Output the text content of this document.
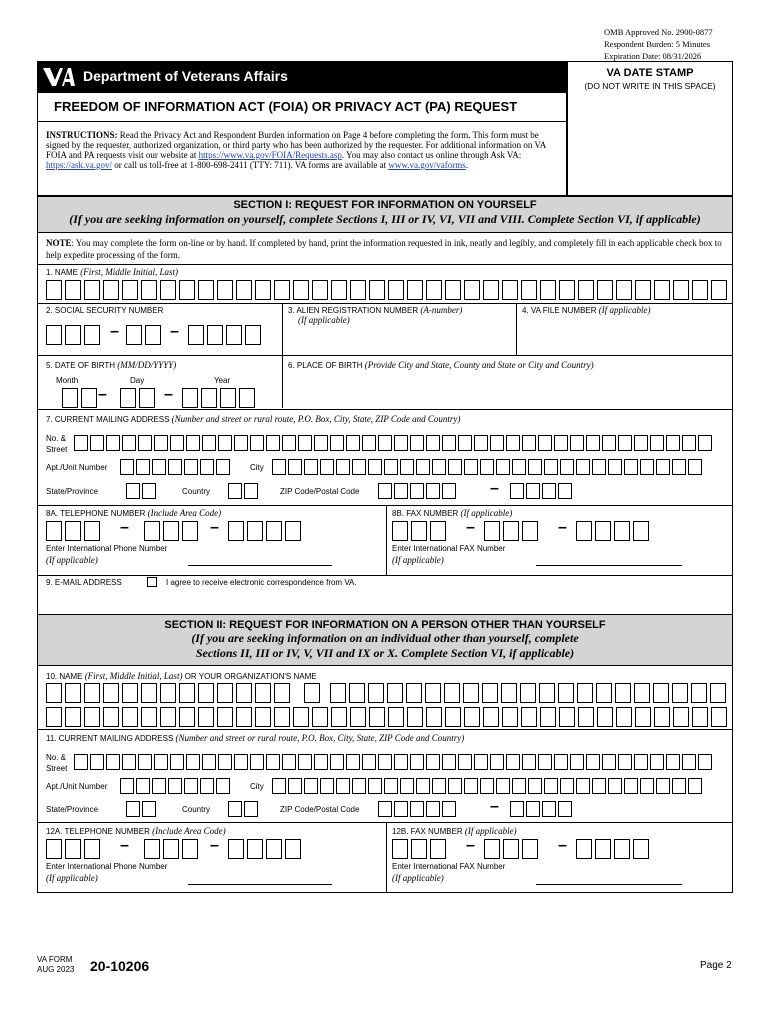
OMB Approved No. 2900-0877
Respondent Burden: 5 Minutes
Expiration Date: 08/31/2026
Department of Veterans Affairs	VA DATE STAMP
(DO NOT WRITE IN THIS SPACE)
FREEDOM OF INFORMATION ACT (FOIA) OR PRIVACY ACT (PA) REQUEST
INSTRUCTIONS: Read the Privacy Act and Respondent Burden information on Page 4 before completing the form. This form must be signed by the requester, authorized organization, or third party who has been authorized by the requester. For additional information on VA FOIA and PA requests visit our website at https://www.va.gov/FOIA/Requests.asp. You may also contact us online through Ask VA: https://ask.va.gov/ or call us toll-free at 1-800-698-2411 (TTY: 711). VA forms are available at www.va.gov/vaforms.
SECTION I: REQUEST FOR INFORMATION ON YOURSELF
(If you are seeking information on yourself, complete Sections I, III or IV, VI, VII and VIII. Complete Section VI, if applicable)
NOTE: You may complete the form on-line or by hand. If completed by hand, print the information requested in ink, neatly and legibly, and completely fill in each applicable check box to help expedite processing of the form.
1. NAME (First, Middle Initial, Last)
2. SOCIAL SECURITY NUMBER
–	–
3. ALIEN REGISTRATION NUMBER (A-number)
(If applicable)
4. VA FILE NUMBER (If applicable)
5. DATE OF BIRTH (MM/DD/YYYY)
Month	Day	Year
–	–
6. PLACE OF BIRTH (Provide City and State, County and State or City and Country)
7. CURRENT MAILING ADDRESS (Number and street or rural route, P.O. Box, City, State, ZIP Code and Country)
No. &
Street
Apt./Unit Number	City
State/Province	Country	ZIP Code/Postal Code	–
8A. TELEPHONE NUMBER (Include Area Code)
–	–
Enter International Phone Number
(If applicable)
8B. FAX NUMBER (If applicable)
–	–
Enter International FAX Number
(If applicable)
9. E-MAIL ADDRESS	I agree to receive electronic correspondence from VA.
SECTION II: REQUEST FOR INFORMATION ON A PERSON OTHER THAN YOURSELF
(If you are seeking information on an individual other than yourself, complete
Sections II, III or IV, V, VII and IX or X. Complete Section VI, if applicable)
10. NAME (First, Middle Initial, Last) OR YOUR ORGANIZATION'S NAME
11. CURRENT MAILING ADDRESS (Number and street or rural route, P.O. Box, City, State, ZIP Code and Country)
No. &
Street
Apt./Unit Number	City
State/Province	Country	ZIP Code/Postal Code	–
12A. TELEPHONE NUMBER (Include Area Code)
–	–
Enter International Phone Number
(If applicable)
12B. FAX NUMBER (If applicable)
–	–
Enter International FAX Number
(If applicable)
VA FORM
AUG 2023 20-10206	Page 2
